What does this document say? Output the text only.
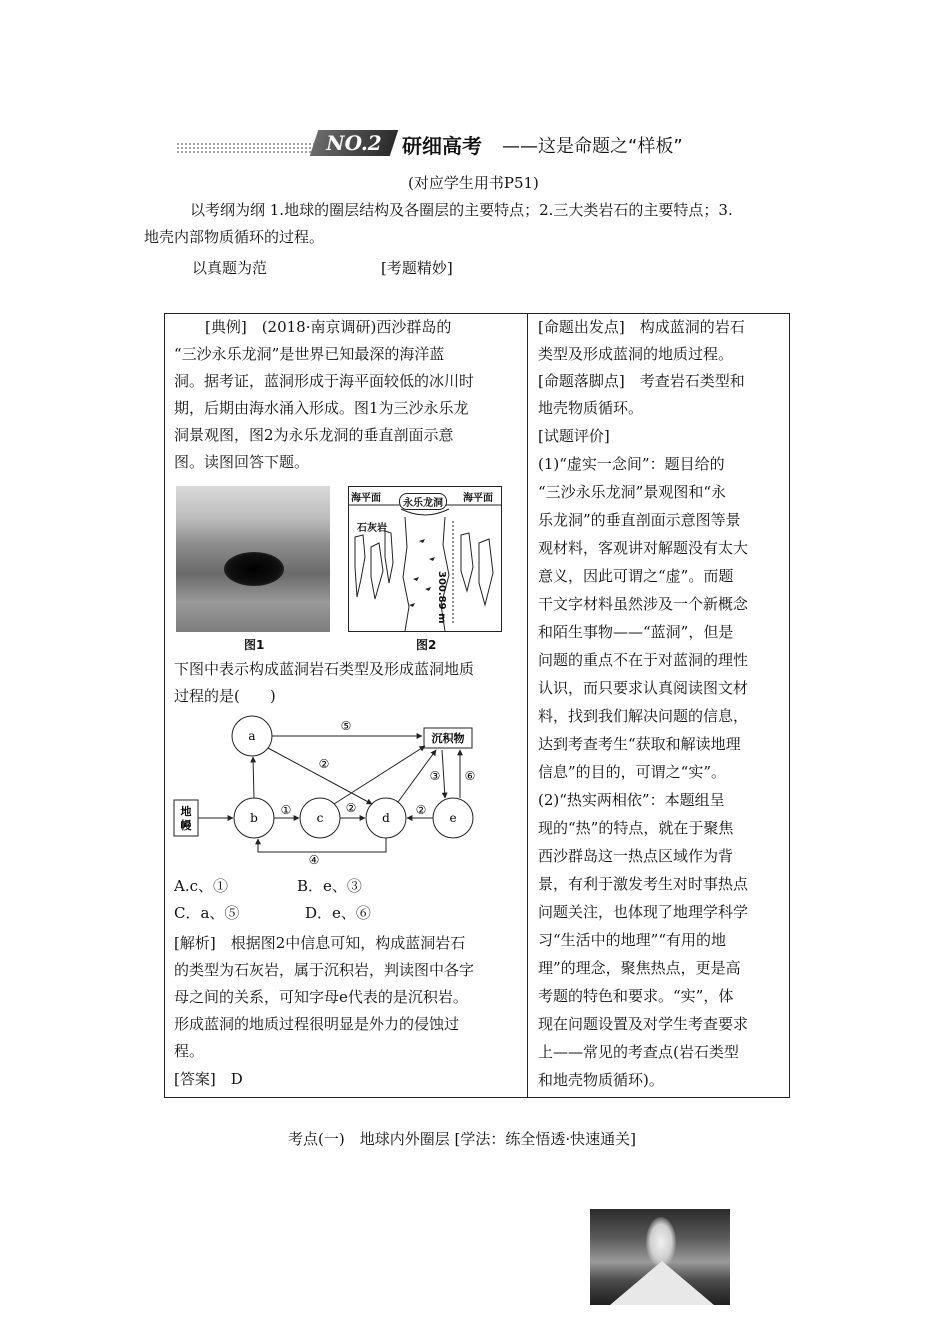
NO.2	研细高考 ——这是命题之“样板”
(对应学生用书P51)
以考纲为纲 1.地球的圈层结构及各圈层的主要特点；2.三大类岩石的主要特点；3.
地壳内部物质循环的过程。
以真题为范	[考题精妙]
[典例]　(2018·南京调研)西沙群岛的
“三沙永乐龙洞”是世界已知最深的海洋蓝
洞。据考证，蓝洞形成于海平面较低的冰川时
期，后期由海水涌入形成。图1为三沙永乐龙
洞景观图，图2为永乐龙洞的垂直剖面示意
图。读图回答下题。
图1
海平面	海平面
永乐龙洞
石灰岩
300.89 m
图2
下图中表示构成蓝洞岩石类型及形成蓝洞地质
过程的是(　　)
a
b	c	d	e
地
幔
沉积物
⑤
②
①	②	②
③ ⑥
④
A.c、①	B．e、③
C．a、⑤	D．e、⑥
[解析]　根据图2中信息可知，构成蓝洞岩石
的类型为石灰岩，属于沉积岩，判读图中各字
母之间的关系，可知字母e代表的是沉积岩。
形成蓝洞的地质过程很明显是外力的侵蚀过
程。
[答案]　D
[命题出发点]　构成蓝洞的岩石
类型及形成蓝洞的地质过程。
[命题落脚点]　考查岩石类型和
地壳物质循环。
[试题评价]
(1)“虚实一念间”：题目给的
“三沙永乐龙洞”景观图和“永
乐龙洞”的垂直剖面示意图等景
观材料，客观讲对解题没有太大
意义，因此可谓之“虚”。而题
干文字材料虽然涉及一个新概念
和陌生事物——“蓝洞”，但是
问题的重点不在于对蓝洞的理性
认识，而只要求认真阅读图文材
料，找到我们解决问题的信息，
达到考查考生“获取和解读地理
信息”的目的，可谓之“实”。
(2)“热实两相依”：本题组呈
现的“热”的特点，就在于聚焦
西沙群岛这一热点区域作为背
景，有利于激发考生对时事热点
问题关注，也体现了地理学科学
习“生活中的地理”“有用的地
理”的理念，聚焦热点，更是高
考题的特色和要求。“实”，体
现在问题设置及对学生考查要求
上——常见的考查点(岩石类型
和地壳物质循环)。
考点(一)　地球内外圈层 [学法：练全悟透·快速通关]
